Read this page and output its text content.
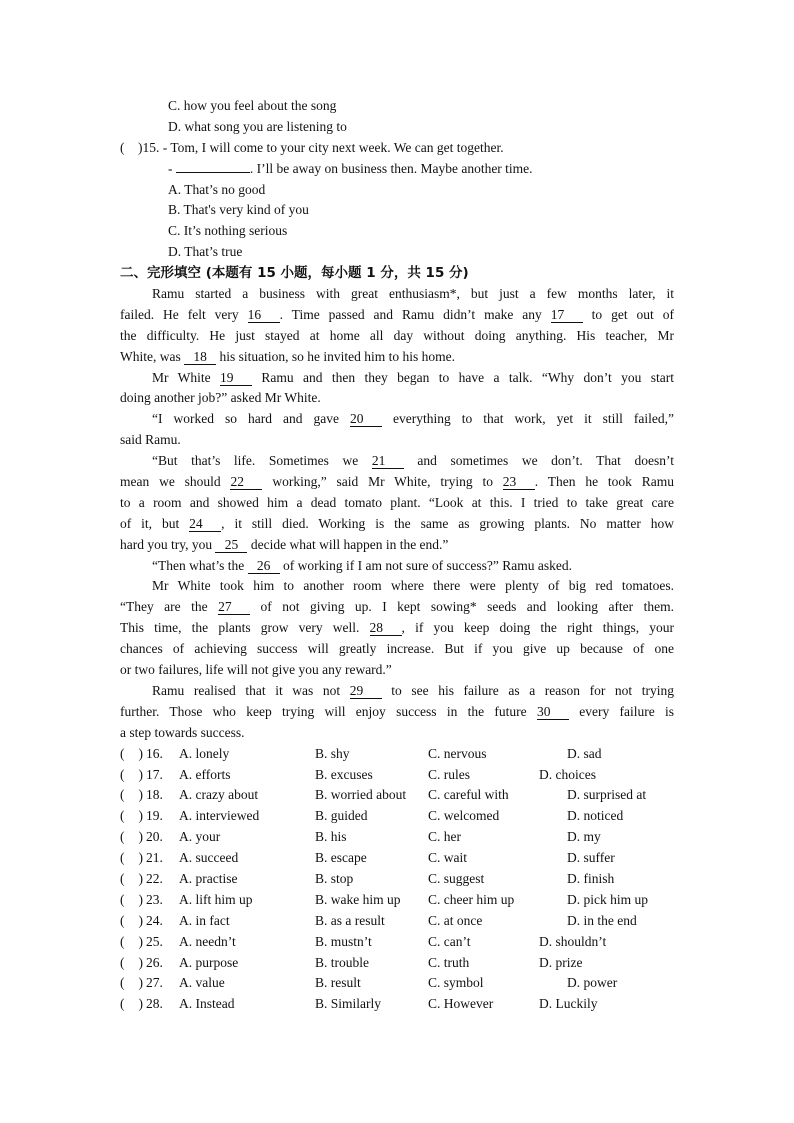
C. how you feel about the song
D. what song you are listening to
(　)15. - Tom, I will come to your city next week. We can get together.
-	. I’ll be away on business then. Maybe another time.
A. That’s no good
B. That's very kind of you
C. It’s nothing serious
D. That’s true
二、完形填空 (本题有 15 小题，每小题 1 分，共 15 分)
Ramu started a business with great enthusiasm*, but just a few months later, it
failed. He felt very 16 . Time passed and Ramu didn’t make any 17 to get out of
the difficulty. He just stayed at home all day without doing anything. His teacher, Mr
White, was 18 his situation, so he invited him to his home.
Mr White 19 Ramu and then they began to have a talk. “Why don’t you start
doing another job?” asked Mr White.
“I worked so hard and gave 20 everything to that work, yet it still failed,”
said Ramu.
“But that’s life. Sometimes we 21 and sometimes we don’t. That doesn’t
mean we should 22 working,” said Mr White, trying to 23 . Then he took Ramu
to a room and showed him a dead tomato plant. “Look at this. I tried to take great care
of it, but 24 , it still died. Working is the same as growing plants. No matter how
hard you try, you 25 decide what will happen in the end.”
“Then what’s the 26 of working if I am not sure of success?” Ramu asked.
Mr White took him to another room where there were plenty of big red tomatoes.
“They are the 27 of not giving up. I kept sowing* seeds and looking after them.
This time, the plants grow very well. 28 , if you keep doing the right things, your
chances of achieving success will greatly increase. But if you give up because of one
or two failures, life will not give you any reward.”
Ramu realised that it was not 29 to see his failure as a reason for not trying
further. Those who keep trying will enjoy success in the future 30 every failure is
a step towards success.
( ) 16. A. lonely	B. shy	C. nervous	D. sad
( ) 17. A. efforts	B. excuses	C. rules	D. choices
( ) 18. A. crazy about	B. worried about C. careful with	D. surprised at
( ) 19. A. interviewed	B. guided	C. welcomed	D. noticed
( ) 20. A. your	B. his	C. her	D. my
( ) 21. A. succeed	B. escape	C. wait	D. suffer
( ) 22. A. practise	B. stop	C. suggest	D. finish
( ) 23. A. lift him up	B. wake him up C. cheer him up	D. pick him up
( ) 24. A. in fact	B. as a result	C. at once	D. in the end
( ) 25. A. needn’t	B. mustn’t	C. can’t	D. shouldn’t
( ) 26. A. purpose	B. trouble	C. truth	D. prize
( ) 27. A. value	B. result	C. symbol	D. power
( ) 28. A. Instead	B. Similarly	C. However	D. Luckily
